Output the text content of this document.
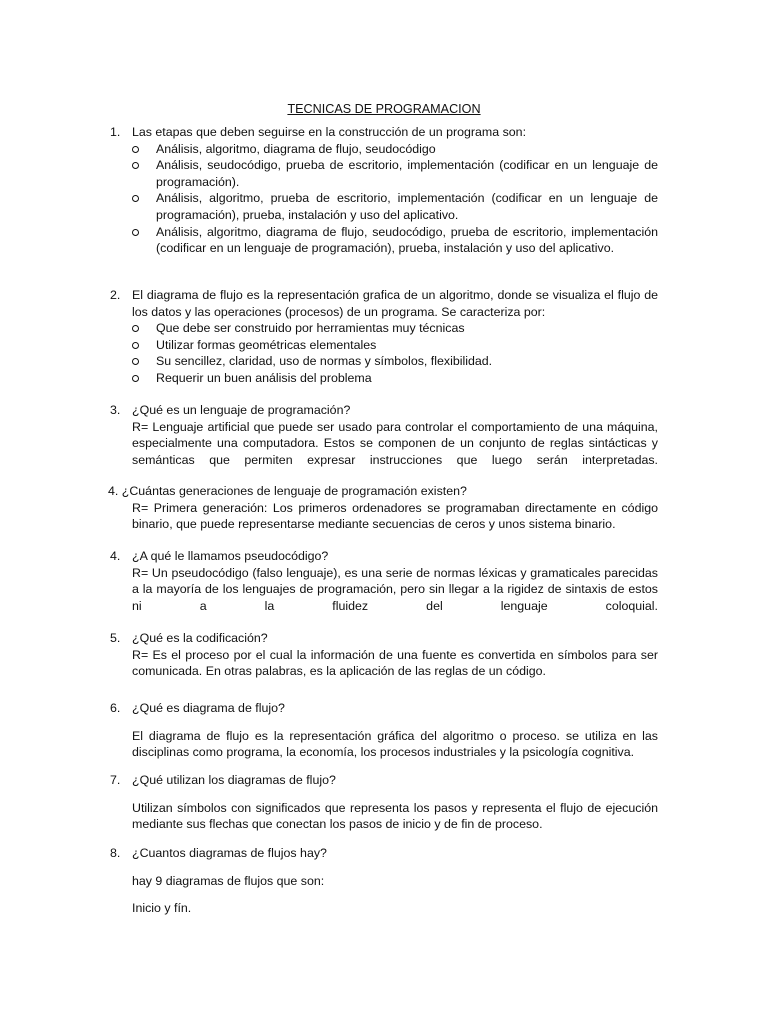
TECNICAS DE PROGRAMACION
1. Las etapas que deben seguirse en la construcción de un programa son:
Análisis, algoritmo, diagrama de flujo, seudocódigo
Análisis, seudocódigo, prueba de escritorio, implementación (codificar en un lenguaje de programación).
Análisis, algoritmo, prueba de escritorio, implementación (codificar en un lenguaje de programación), prueba, instalación y uso del aplicativo.
Análisis, algoritmo, diagrama de flujo, seudocódigo, prueba de escritorio, implementación (codificar en un lenguaje de programación), prueba, instalación y uso del aplicativo.
2. El diagrama de flujo es la representación grafica de un algoritmo, donde se visualiza el flujo de los datos y las operaciones (procesos) de un programa. Se caracteriza por:
Que debe ser construido por herramientas muy técnicas
Utilizar formas geométricas elementales
Su sencillez, claridad, uso de normas y símbolos, flexibilidad.
Requerir un buen análisis del problema
3. ¿Qué es un lenguaje de programación?
R= Lenguaje artificial que puede ser usado para controlar el comportamiento de una máquina, especialmente una computadora. Estos se componen de un conjunto de reglas sintácticas y semánticas que permiten expresar instrucciones que luego serán interpretadas.
4. ¿Cuántas generaciones de lenguaje de programación existen?
R= Primera generación: Los primeros ordenadores se programaban directamente en código binario, que puede representarse mediante secuencias de ceros y unos sistema binario.
4. ¿A qué le llamamos pseudocódigo?
R= Un pseudocódigo (falso lenguaje), es una serie de normas léxicas y gramaticales parecidas a la mayoría de los lenguajes de programación, pero sin llegar a la rigidez de sintaxis de estos ni a la fluidez del lenguaje coloquial.
5. ¿Qué es la codificación?
R= Es el proceso por el cual la información de una fuente es convertida en símbolos para ser comunicada. En otras palabras, es la aplicación de las reglas de un código.
6. ¿Qué es diagrama de flujo?
El diagrama de flujo es la representación gráfica del algoritmo o proceso. se utiliza en las disciplinas como programa, la economía, los procesos industriales y la psicología cognitiva.
7. ¿Qué utilizan los diagramas de flujo?
Utilizan símbolos con significados que representa los pasos y representa el flujo de ejecución mediante sus flechas que conectan los pasos de inicio y de fin de proceso.
8. ¿Cuantos diagramas de flujos hay?
hay 9 diagramas de flujos que son:
Inicio y fín.
